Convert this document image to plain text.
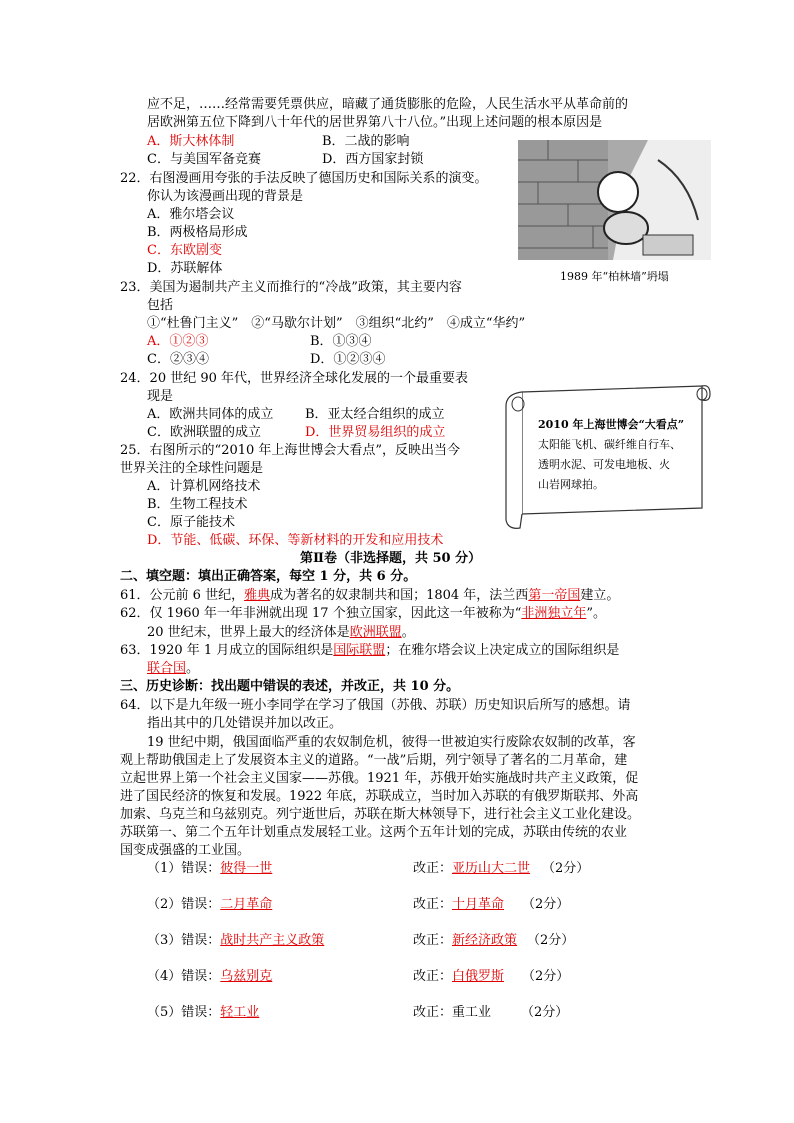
应不足，……经常需要凭票供应，暗藏了通货膨胀的危险，人民生活水平从革命前的
居欧洲第五位下降到八十年代的居世界第八十八位。”出现上述问题的根本原因是
A．斯大林体制	B．二战的影响
C．与美国军备竞赛	D．西方国家封锁
1989 年“柏林墙”坍塌
22．右图漫画用夸张的手法反映了德国历史和国际关系的演变。
你认为该漫画出现的背景是
A．雅尔塔会议
B．两极格局形成
C．东欧剧变
D．苏联解体
23．美国为遏制共产主义而推行的“冷战”政策，其主要内容
包括
①“杜鲁门主义”　②“马歇尔计划”　③组织“北约”　④成立“华约”
A．①②③	B．①③④
C．②③④	D．①②③④
24．20 世纪 90 年代，世界经济全球化发展的一个最重要表
现是
A．欧洲共同体的成立 B．亚太经合组织的成立
C．欧洲联盟的成立	D．世界贸易组织的成立
2010 年上海世博会“大看点”
太阳能飞机、碳纤维自行车、
透明水泥、可发电地板、火
山岩网球拍。
25．右图所示的“2010 年上海世博会大看点”，反映出当今
世界关注的全球性问题是
A．计算机网络技术
B．生物工程技术
C．原子能技术
D．节能、低碳、环保、等新材料的开发和应用技术
第Ⅱ卷（非选择题，共 50 分）
二、填空题：填出正确答案，每空 1 分，共 6 分。
61．公元前 6 世纪，雅典成为著名的奴隶制共和国；1804 年，法兰西第一帝国建立。
62．仅 1960 年一年非洲就出现 17 个独立国家，因此这一年被称为“非洲独立年”。
20 世纪末，世界上最大的经济体是欧洲联盟。
63．1920 年 1 月成立的国际组织是国际联盟；在雅尔塔会议上决定成立的国际组织是
联合国。
三、历史诊断：找出题中错误的表述，并改正，共 10 分。
64．以下是九年级一班小李同学在学习了俄国（苏俄、苏联）历史知识后所写的感想。请
指出其中的几处错误并加以改正。
19 世纪中期，俄国面临严重的农奴制危机，彼得一世被迫实行废除农奴制的改革，客
观上帮助俄国走上了发展资本主义的道路。“一战”后期，列宁领导了著名的二月革命，建
立起世界上第一个社会主义国家——苏俄。1921 年，苏俄开始实施战时共产主义政策，促
进了国民经济的恢复和发展。1922 年底，苏联成立，当时加入苏联的有俄罗斯联邦、外高
加索、乌克兰和乌兹别克。列宁逝世后，苏联在斯大林领导下，进行社会主义工业化建设。
苏联第一、第二个五年计划重点发展轻工业。这两个五年计划的完成，苏联由传统的农业
国变成强盛的工业国。
（1）错误：彼得一世	改正：亚历山大二世 （2分）
（2）错误：二月革命	改正：十月革命 （2分）
（3）错误：战时共产主义政策	改正：新经济政策 （2分）
（4）错误：乌兹别克	改正：白俄罗斯 （2分）
（5）错误：轻工业	改正：重工业 （2分）
